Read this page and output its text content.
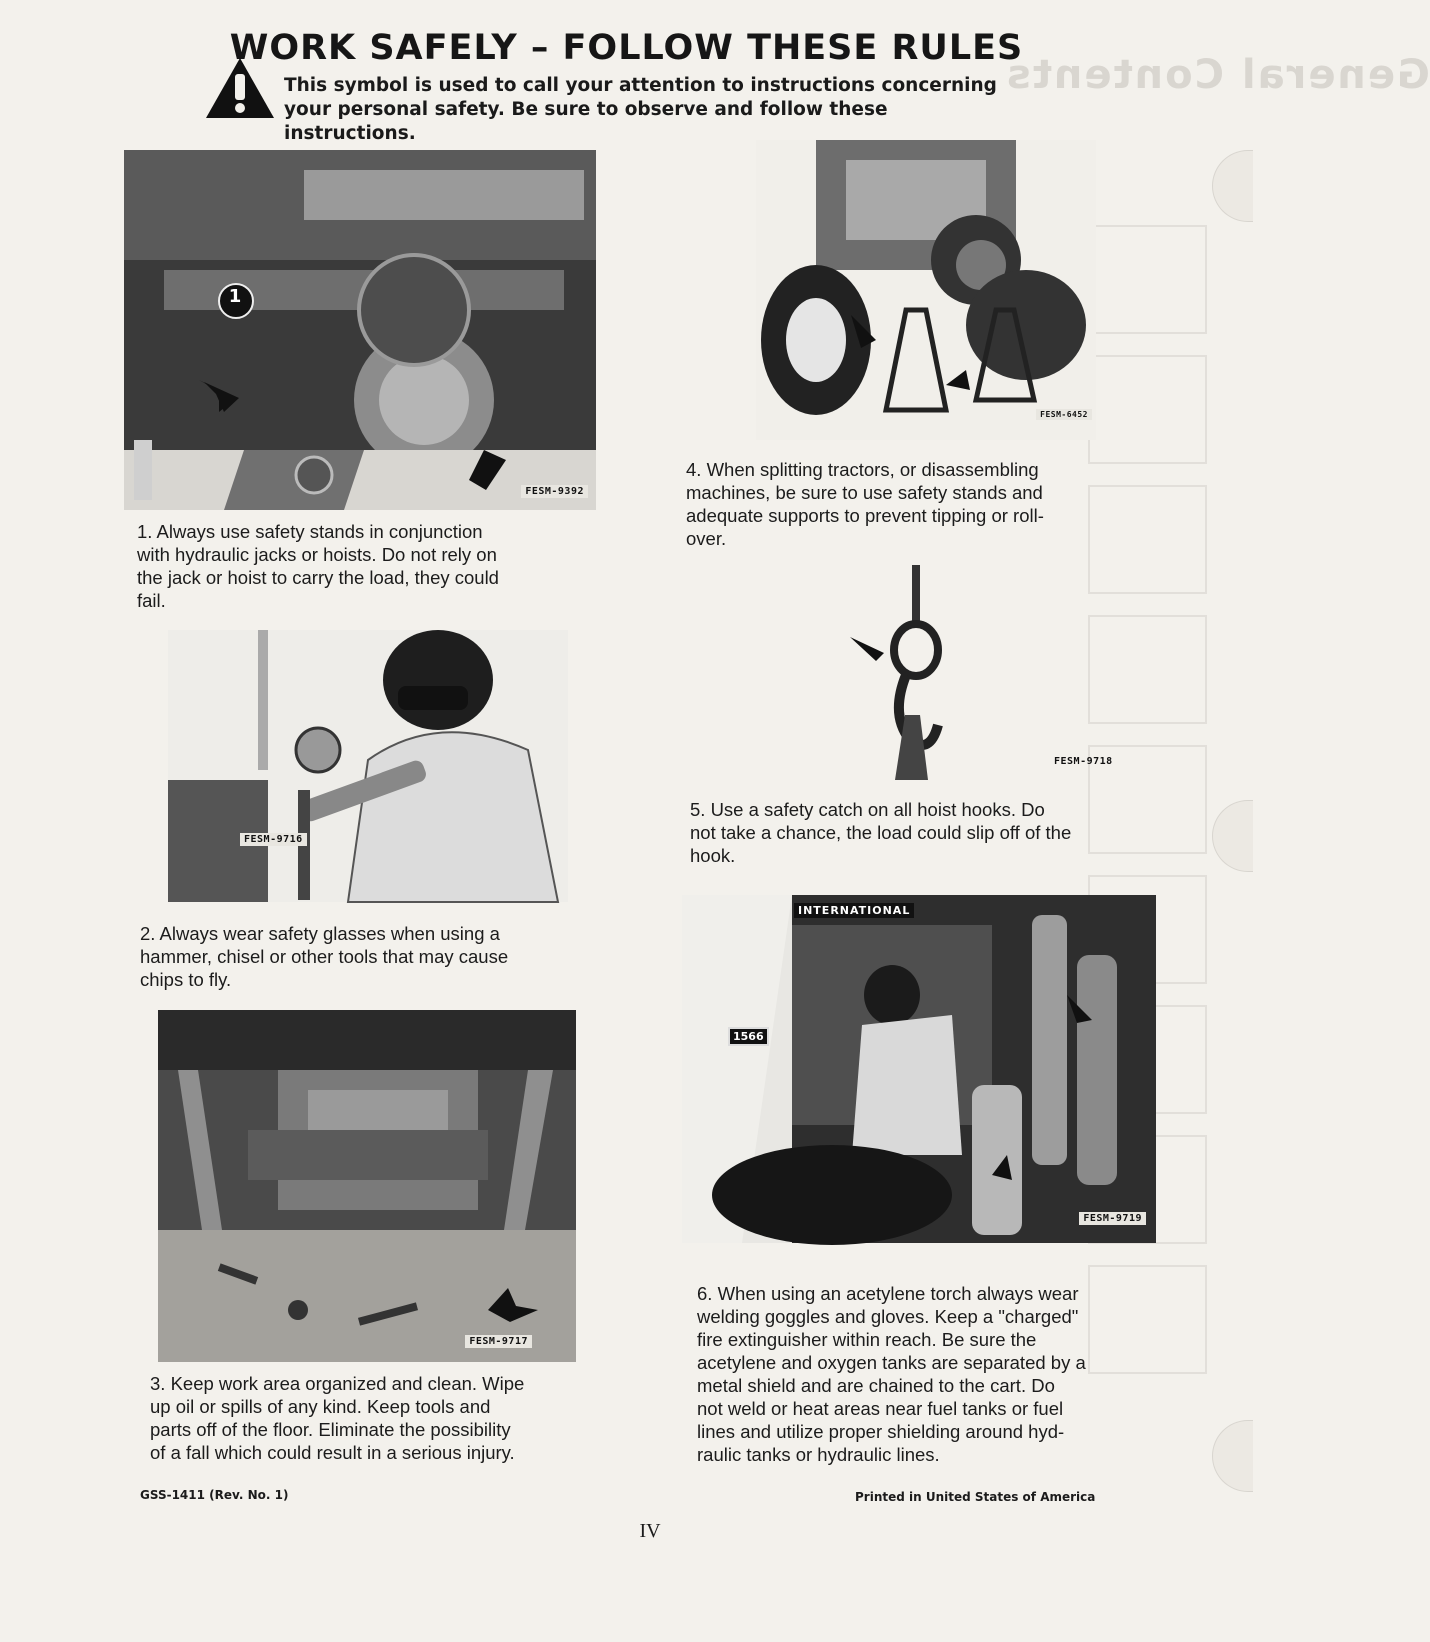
General Contents
WORK SAFELY – FOLLOW THESE RULES
This symbol is used to call your attention to instructions concerning
your personal safety. Be sure to observe and follow these instructions.
1
FESM-9392
1. Always use safety stands in conjunction
with hydraulic jacks or hoists. Do not rely on
the jack or hoist to carry the load, they could
fail.
FESM-9716
2. Always wear safety glasses when using a
hammer, chisel or other tools that may cause
chips to fly.
FESM-9717
3. Keep work area organized and clean. Wipe
up oil or spills of any kind. Keep tools and
parts off of the floor. Eliminate the possibility
of a fall which could result in a serious injury.
FESM-6452
4. When splitting tractors, or disassembling
machines, be sure to use safety stands and
adequate supports to prevent tipping or roll-
over.
FESM-9718
5. Use a safety catch on all hoist hooks. Do
not take a chance, the load could slip off of the
hook.
INTERNATIONAL
1566
FESM-9719
6. When using an acetylene torch always wear
welding goggles and gloves. Keep a "charged"
fire extinguisher within reach. Be sure the
acetylene and oxygen tanks are separated by a
metal shield and are chained to the cart. Do
not weld or heat areas near fuel tanks or fuel
lines and utilize proper shielding around hyd-
raulic tanks or hydraulic lines.
GSS-1411 (Rev. No. 1)	Printed in United States of America
IV
